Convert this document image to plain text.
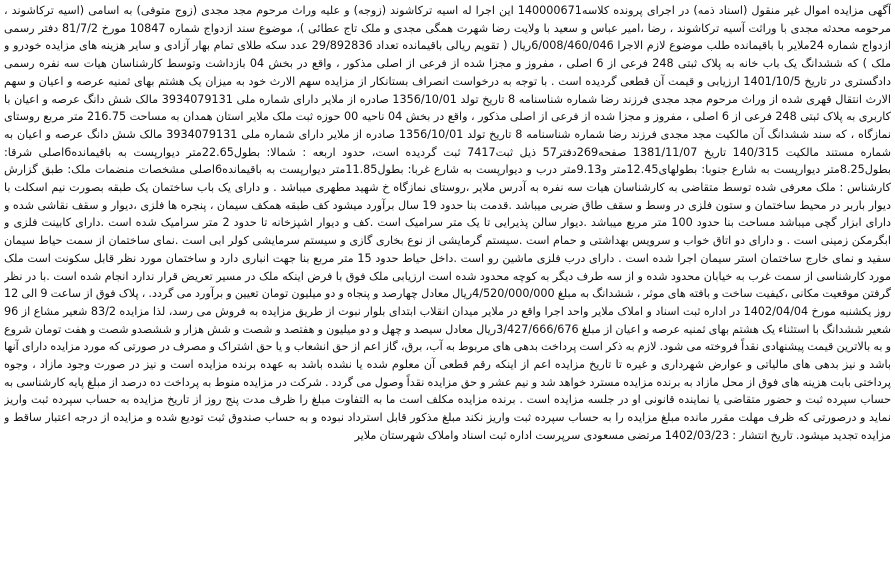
آگهی مزایده اموال غیر منقول (اسناد ذمه) در اجرای پرونده کلاسه140000671 این اجرا له اسیه ترکاشوند (زوجه) و علیه وراث مرحوم مجد مجدی (زوج متوفی) به اسامی (اسیه ترکاشوند ، مرحومه محدثه مجدی با وراثت آسیه ترکاشوند ، رضا ،امیر عباس و سعید با ولایت رضا شهرت همگی مجدی و ملک تاج عطائی )، موضوع سند ازدواج شماره 10847 مورخ 81/7/2 دفتر رسمی ازدواج شماره 24ملایر با باقیمانده طلب موضوع لازم الاجرا 6/008/460/046ریال ( تقویم ریالی باقیمانده تعداد 29/892836 عدد سکه طلای تمام بهار آزادی و سایر هزینه های مزایده خودرو و ملک ) که ششدانگ یک باب خانه به پلاک ثبتی 248 فرعی از 6 اصلی ، مفروز و مجزا شده از فرعی از اصلی مذکور ، واقع در بخش 04 بازداشت وتوسط کارشناسان هیات سه نفره رسمی دادگستری در تاریخ 1401/10/5 ارزیابی و قیمت آن قطعی گردیده است . با توجه به درخواست انصراف بستانکار از مزایده سهم الارث خود به میزان یک هشتم بهای ثمنیه عرصه و اعیان و سهم الارث انتقال قهری شده از وراث مرحوم مجد مجدی فرزند رضا شماره شناسنامه 8 تاریخ تولد 1356/10/01 صادره از ملایر دارای شماره ملی 3934079131 مالک شش دانگ عرصه و اعیان با کاربری به پلاک ثبتی 248 فرعی از 6 اصلی ، مفروز و مجزا شده از فرعی از اصلی مذکور ، واقع در بخش 04 ناحیه 00 حوزه ثبت ملک ملایر استان همدان به مساحت 216.75 متر مربع روستای نمازگاه ، که سند ششدانگ آن مالکیت مجد مجدی فرزند رضا شماره شناسنامه 8 تاریخ تولد 1356/10/01 صادره از ملایر دارای شماره ملی 3934079131 مالک شش دانگ عرصه و اعیان به شماره مستند مالکیت 140/315 تاریخ 1381/11/07 صفحه269دفتر57 ذیل ثبت7417 ثبت گردیده است، حدود اربعه : شمالا: بطول22.65متر دیوارپست به باقیمانده6اصلی شرقا: بطول8.25متر دیوارپست به شارع جنوبا: بطولهای12.45متر و9.13متر درب و دیوارپست به شارع غربا: بطول11.85متر دیوارپست به باقیمانده6اصلی مشخصات منضمات ملک: طبق گزارش کارشناس : ملک معرفی شده توسط متقاضی به کارشناسان هیات سه نفره به آدرس ملایر ،روستای نمازگاه خ شهید مطهری میباشد . و دارای یک باب ساختمان یک طبقه بصورت نیم اسکلت با دیوار باربر در محیط ساختمان و ستون فلزی در وسط و سقف طاق ضربی میباشد .قدمت بنا حدود 19 سال برآورد میشود کف طبقه همکف سیمان ، پنجره ها فلزی ،دیوار و سقف نقاشی شده و دارای ابزار گچی میباشد مساحت بنا حدود 100 متر مربع میباشد .دیوار سالن پذیرایی تا یک متر سرامیک است .کف و دیوار اشپزخانه تا حدود 2 متر سرامیک شده است .دارای کابینت فلزی و ابگرمکن زمینی است . و دارای دو اتاق خواب و سرویس بهداشتی و حمام است .سیستم گرمایشی از نوع بخاری گازی و سیستم سرمایشی کولر ابی است .نمای ساختمان از سمت حیاط سیمان سفید و نمای خارج ساختمان استر سیمان اجرا شده است . دارای درب فلزی ماشین رو است .داخل حیاط حدود 15 متر مربع بنا جهت انباری دارد و ساختمان مورد نظر قابل سکونت است ملک مورد کارشناسی از سمت غرب به خیابان محدود شده و از سه طرف دیگر به کوچه محدود شده است ارزیابی ملک فوق با فرض اینکه ملک در مسیر تعریض قرار ندارد انجام شده است .با در نظر گرفتن موقعیت مکانی ،کیفیت ساخت و بافته های موثر ، ششدانگ به مبلغ 4/520/000/000ریال معادل چهارصد و پنجاه و دو میلیون تومان تعیین و برآورد می گردد. ، پلاک فوق از ساعت 9 الی 12 روز یکشنبه مورخ 1402/04/04 در اداره ثبت اسناد و املاک ملایر واحد اجرا واقع در ملایر میدان انقلاب ابتدای بلوار نبوت از طریق مزایده به فروش می رسد، لذا مزایده 83/2 شعیر مشاع از 96 شعیر ششدانگ با استثناء یک هشتم بهای ثمنیه عرصه و اعیان از مبلغ 3/427/666/676ریال معادل سیصد و چهل و دو میلیون و هفتصد و شصت و شش هزار و ششصدو شصت و هفت تومان شروع و به بالاترین قیمت پیشنهادی نقداً فروخته می شود. لازم به ذکر است پرداخت بدهی های مربوط به آب، برق، گاز اعم از حق انشعاب و یا حق اشتراک و مصرف در صورتی که مورد مزایده دارای آنها باشد و نیز بدهی های مالیاتی و عوارض شهرداری و غیره تا تاریخ مزایده اعم از اینکه رقم قطعی آن معلوم شده یا نشده باشد به عهده برنده مزایده است و نیز در صورت وجود مازاد ، وجوه پرداختی بابت هزینه های فوق از محل مازاد به برنده مزایده مسترد خواهد شد و نیم عشر و حق مزایده نقداً وصول می گردد . شرکت در مزایده منوط به پرداخت ده درصد از مبلغ پایه کارشناسی به حساب سپرده ثبت و حضور متقاضی یا نماینده قانونی او در جلسه مزایده است . برنده مزایده مکلف است ما به التفاوت مبلغ را ظرف مدت پنج روز از تاریخ مزایده به حساب سپرده ثبت واریز نماید و درصورتی که ظرف مهلت مقرر مانده مبلغ مزایده را به حساب سپرده ثبت واریز نکند مبلغ مذکور قابل استرداد نبوده و به حساب صندوق ثبت تودیع شده و مزایده از درجه اعتبار ساقط و مزایده تجدید میشود. تاریخ انتشار : 1402/03/23 مرتضی مسعودی سرپرست اداره ثبت اسناد واملاک شهرستان ملایر
